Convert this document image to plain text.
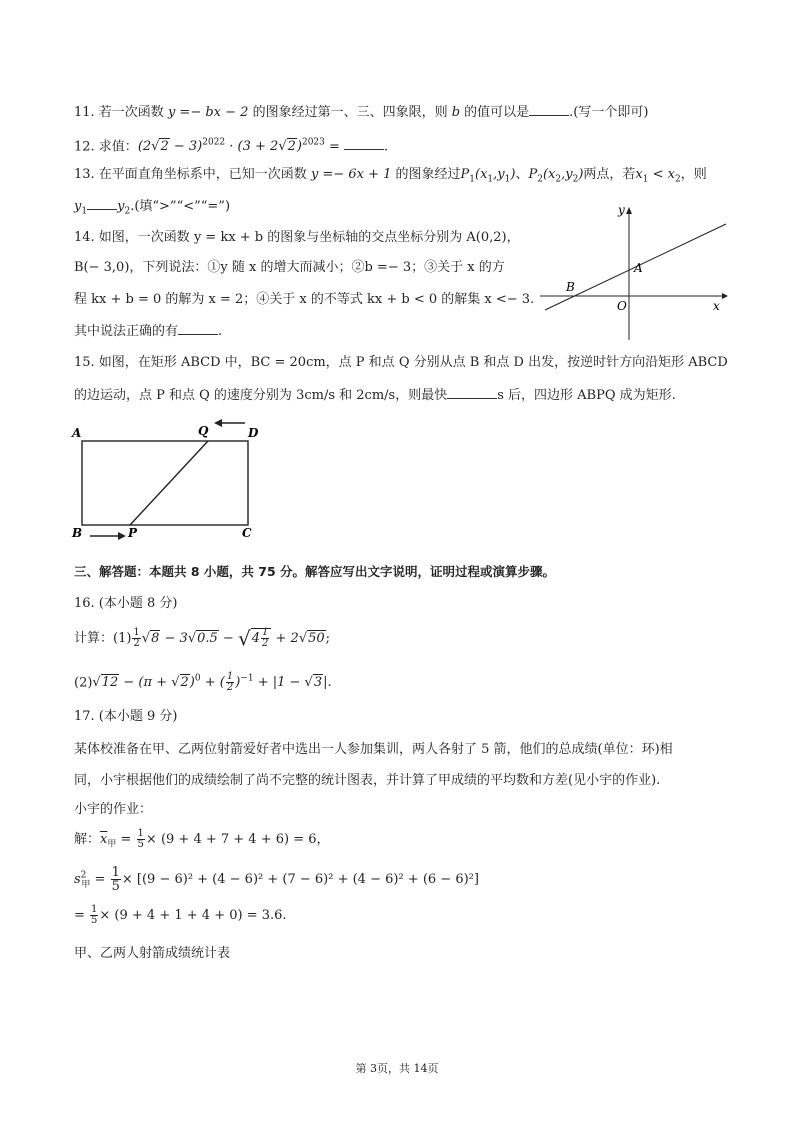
11. 若一次函数 y =− bx − 2 的图象经过第一、三、四象限，则 b 的值可以是	.(写一个即可)
12. 求值：$(2√2 - 3)^{2022} \cdot (3 + 2√2)^{2023}$ =	.
13. 在平面直角坐标系中，已知一次函数 y =− 6x + 1 的图象经过$P_1(x_1,y_1)$、$P_2(x_2,y_2)$两点，若$x_1 < x_2$，则
$y_1$ $y_2$.(填“>”“<”“=”)
14. 如图，一次函数 y = kx + b 的图象与坐标轴的交点坐标分别为 A(0,2)，
B(− 3,0)，下列说法：①y 随 x 的增大而减小；②b =− 3；③关于 x 的方
程 kx + b = 0 的解为 x = 2；④关于 x 的不等式 kx + b < 0 的解集 x <− 3.
其中说法正确的有	.
y
x
O
A
B
15. 如图，在矩形 ABCD 中，BC = 20cm，点 P 和点 Q 分别从点 B 和点 D 出发，按逆时针方向沿矩形 ABCD
的边运动，点 P 和点 Q 的速度分别为 3cm/s 和 2cm/s，则最快	s 后，四边形 ABPQ 成为矩形.
A	D
Q
B	P	C
三、解答题：本题共 8 小题，共 75 分。解答应写出文字说明，证明过程或演算步骤。
16. (本小题 8 分)
计算：$(1) \frac{1}{2} √8 - 3√0.5 - √4 \frac{1}{2} + 2√50$;
$(2)√12 - (\pi + √2)^0$ + ( $\frac{1}{2} )^{-1} + |1 - √3|$.
17. (本小题 9 分)
某体校准备在甲、乙两位射箭爱好者中选出一人参加集训，两人各射了 5 箭，他们的总成绩(单位：环)相
同，小宇根据他们的成绩绘制了尚不完整的统计图表，并计算了甲成绩的平均数和方差(见小宇的作业).
小宇的作业：
解：$\overline{x}_甲 = \frac{1}{5} \times (9 + 4 + 7 + 4 + 6) = 6$，
$s^2_甲 = \frac{1}{5} \times [(9 - 6)^2 + (4 - 6)^2 + (7 - 6)^2 + (4 - 6)^2 + (6 - 6)^2]$
= $\frac{1}{5} \times (9 + 4 + 1 + 4 + 0) = 3.6$.
甲、乙两人射箭成绩统计表
第 3页，共 14页
